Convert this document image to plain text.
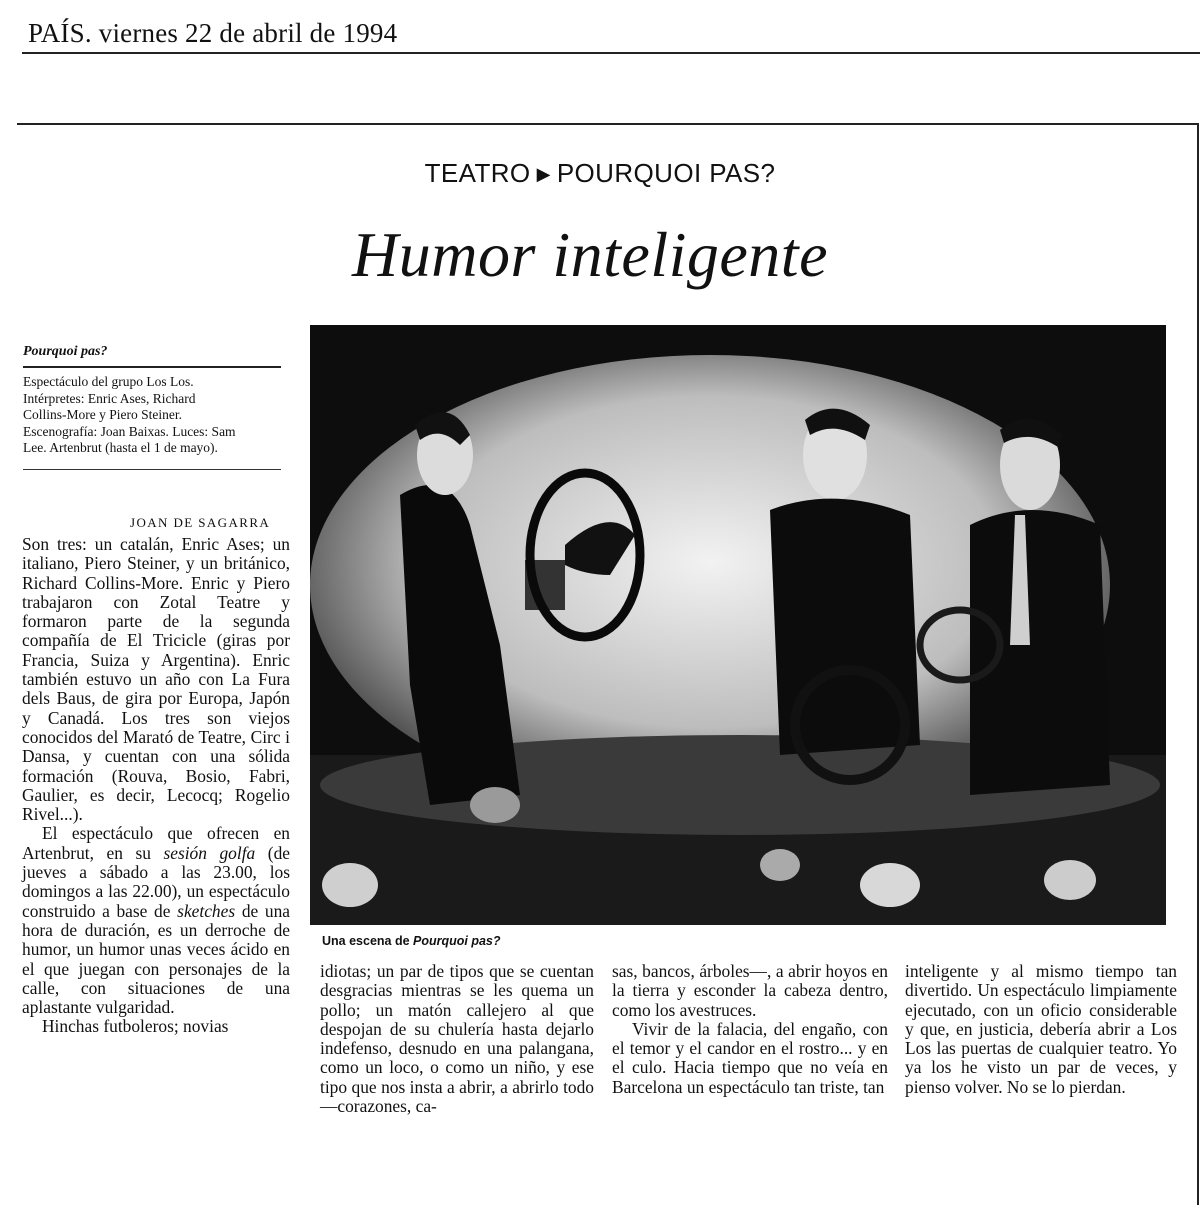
PAÍS. viernes 22 de abril de 1994
TEATRO ▶ POURQUOI PAS?
Humor inteligente
Pourquoi pas?
Espectáculo del grupo Los Los.
Intérpretes: Enric Ases, Richard
Collins-More y Piero Steiner.
Escenografía: Joan Baixas. Luces: Sam
Lee. Artenbrut (hasta el 1 de mayo).
JOAN DE SAGARRA

Son tres: un catalán, Enric Ases; un italiano, Piero Steiner, y un británico, Richard Collins-More. Enric y Piero trabajaron con Zotal Teatre y formaron parte de la segunda compañía de El Tricicle (giras por Francia, Suiza y Argentina). Enric también estuvo un año con La Fura dels Baus, de gira por Europa, Japón y Canadá. Los tres son viejos conocidos del Marató de Teatre, Circ i Dansa, y cuentan con una sólida formación (Rouva, Bosio, Fabri, Gaulier, es decir, Lecocq; Rogelio Rivel...).

El espectáculo que ofrecen en Artenbrut, en su sesión golfa (de jueves a sábado a las 23.00, los domingos a las 22.00), un espectáculo construido a base de sketches de una hora de duración, es un derroche de humor, un humor unas veces ácido en el que juegan con personajes de la calle, con situaciones de una aplastante vulgaridad.

Hinchas futboleros; novias

Una escena de Pourquoi pas?

idiotas; un par de tipos que se cuentan desgracias mientras se les quema un pollo; un matón callejero al que despojan de su chulería hasta dejarlo indefenso, desnudo en una palangana, como un loco, o como un niño, y ese tipo que nos insta a abrir, a abrirlo todo —corazones, ca-

sas, bancos, árboles—, a abrir hoyos en la tierra y esconder la cabeza dentro, como los avestruces.

Vivir de la falacia, del engaño, con el temor y el candor en el rostro... y en el culo. Hacia tiempo que no veía en Barcelona un espectáculo tan triste, tan

inteligente y al mismo tiempo tan divertido. Un espectáculo limpiamente ejecutado, con un oficio considerable y que, en justicia, debería abrir a Los Los las puertas de cualquier teatro. Yo ya los he visto un par de veces, y pienso volver. No se lo pierdan.
